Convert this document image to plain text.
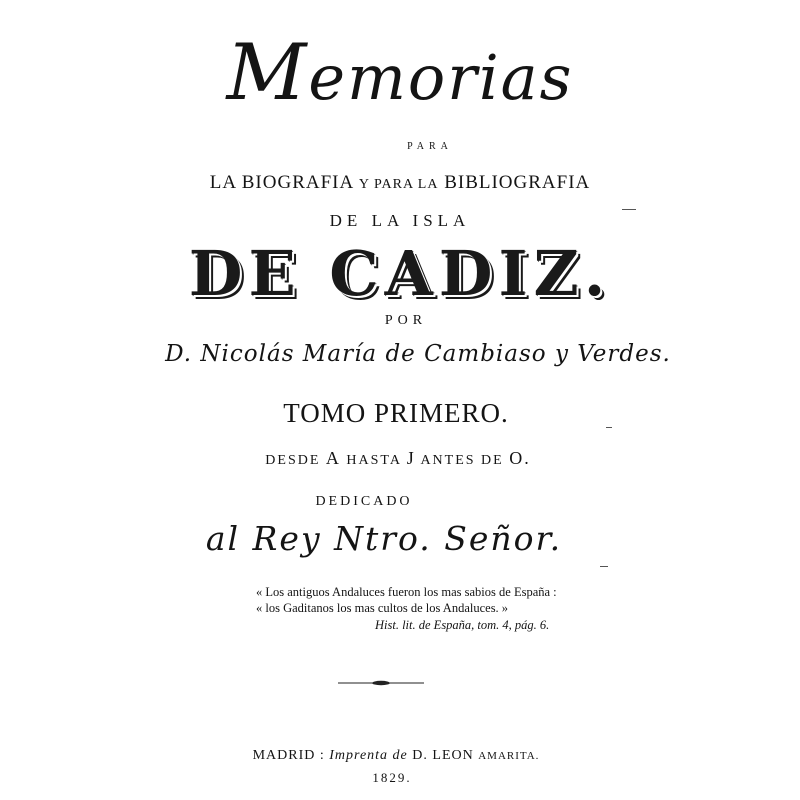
Memorias
PARA
LA BIOGRAFIA Y PARA LA BIBLIOGRAFIA
DE LA ISLA
DE CADIZ.
POR
D. Nicolás María de Cambiaso y Verdes.
TOMO PRIMERO.
DESDE A HASTA J ANTES DE O.
DEDICADO
al Rey Ntro. Señor.
« Los antiguos Andaluces fueron los mas sabios de España :
« los Gaditanos los mas cultos de los Andaluces. »
Hist. lit. de España, tom. 4, pág. 6.
MADRID : Imprenta de D. LEON AMARITA.
1829.
